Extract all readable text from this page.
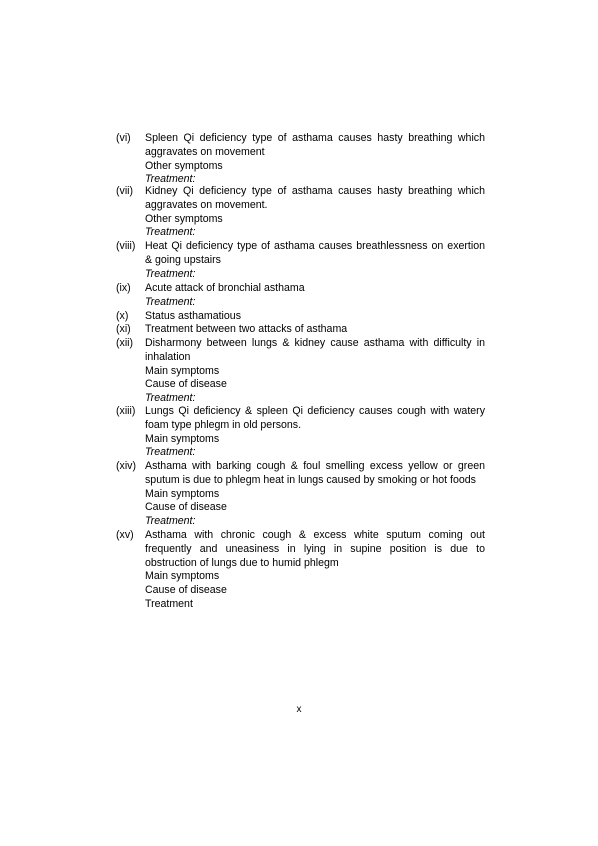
(vi) Spleen Qi deficiency type of asthama causes hasty breathing which aggravates on movement
Other symptoms
Treatment:
(vii) Kidney Qi deficiency type of asthama causes hasty breathing which aggravates on movement.
Other symptoms
Treatment:
(viii) Heat Qi deficiency type of asthama causes breathlessness on exertion & going upstairs
Treatment:
(ix) Acute attack of bronchial asthama
Treatment:
(x) Status asthamatious
(xi) Treatment between two attacks of asthama
(xii) Disharmony between lungs & kidney cause asthama with difficulty in inhalation
Main symptoms
Cause of disease
Treatment:
(xiii) Lungs Qi deficiency & spleen Qi deficiency causes cough with watery foam type phlegm in old persons.
Main symptoms
Treatment:
(xiv) Asthama with barking cough & foul smelling excess yellow or green sputum is due to phlegm heat in lungs caused by smoking or hot foods
Main symptoms
Cause of disease
Treatment:
(xv) Asthama with chronic cough & excess white sputum coming out frequently and uneasiness in lying in supine position is due to obstruction of lungs due to humid phlegm
Main symptoms
Cause of disease
Treatment
x
